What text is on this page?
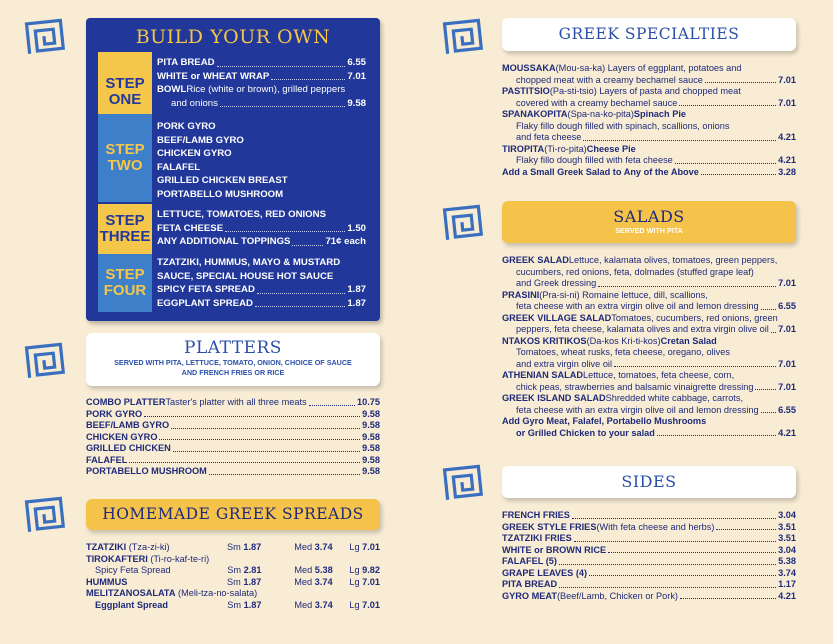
BUILD YOUR OWN
STEP
ONE
PITA BREAD	6.55
WHITE or WHEAT WRAP	7.01
BOWL Rice (white or brown), grilled peppers
and onions	9.58
STEP
TWO
PORK GYRO
BEEF/LAMB GYRO
CHICKEN GYRO
FALAFEL
GRILLED CHICKEN BREAST
PORTABELLO MUSHROOM
STEP
THREE
LETTUCE, TOMATOES, RED ONIONS
FETA CHEESE	1.50
ANY ADDITIONAL TOPPINGS	71¢ each
STEP
FOUR
TZATZIKI, HUMMUS, MAYO & MUSTARD
SAUCE, SPECIAL HOUSE HOT SAUCE
SPICY FETA SPREAD	1.87
EGGPLANT SPREAD	1.87
PLATTERS
SERVED WITH PITA, LETTUCE, TOMATO, ONION, CHOICE OF SAUCE
AND FRENCH FRIES OR RICE
COMBO PLATTER Taster's platter with all three meats	10.75
PORK GYRO	9.58
BEEF/LAMB GYRO	9.58
CHICKEN GYRO	9.58
GRILLED CHICKEN	9.58
FALAFEL	9.58
PORTABELLO MUSHROOM	9.58
HOMEMADE GREEK SPREADS
TZATZIKI (Tza-zi-ki)	Sm 1.87	Med 3.74	Lg 7.01
TIROKAFTERI (Ti-ro-kaf-te-ri)
Spicy Feta Spread	Sm 2.81	Med 5.38	Lg 9.82
HUMMUS	Sm 1.87	Med 3.74	Lg 7.01
MELITZANOSALATA (Meli-tza-no-salata)
Eggplant Spread	Sm 1.87	Med 3.74	Lg 7.01
GREEK SPECIALTIES
MOUSSAKA (Mou-sa-ka) Layers of eggplant, potatoes and
chopped meat with a creamy bechamel sauce	7.01
PASTITSIO (Pa-sti-tsio) Layers of pasta and chopped meat
covered with a creamy bechamel sauce	7.01
SPANAKOPITA (Spa-na-ko-pita) Spinach Pie
Flaky fillo dough filled with spinach, scallions, onions
and feta cheese	4.21
TIROPITA (Ti-ro-pita) Cheese Pie
Flaky fillo dough filled with feta cheese	4.21
Add a Small Greek Salad to Any of the Above	3.28
SALADS
SERVED WITH PITA
GREEK SALAD Lettuce, kalamata olives, tomatoes, green peppers,
cucumbers, red onions, feta, dolmades (stuffed grape leaf)
and Greek dressing	7.01
PRASINI (Pra-si-ni) Romaine lettuce, dill, scallions,
feta cheese with an extra virgin olive oil and lemon dressing 6.55
GREEK VILLAGE SALAD Tomatoes, cucumbers, red onions, green
peppers, feta cheese, kalamata olives and extra virgin olive oil 7.01
NTAKOS KRITIKOS (Da-kos Kri-ti-kos) Cretan Salad
Tomatoes, wheat rusks, feta cheese, oregano, olives
and extra virgin olive oil	7.01
ATHENIAN SALAD Lettuce, tomatoes, feta cheese, corn,
chick peas, strawberries and balsamic vinaigrette dressing	7.01
GREEK ISLAND SALAD Shredded white cabbage, carrots,
feta cheese with an extra virgin olive oil and lemon dressing 6.55
Add Gyro Meat, Falafel, Portabello Mushrooms
or Grilled Chicken to your salad	4.21
SIDES
FRENCH FRIES	3.04
GREEK STYLE FRIES (With feta cheese and herbs)	3.51
TZATZIKI FRIES	3.51
WHITE or BROWN RICE	3.04
FALAFEL (5)	5.38
GRAPE LEAVES (4)	3.74
PITA BREAD	1.17
GYRO MEAT (Beef/Lamb, Chicken or Pork)	4.21
